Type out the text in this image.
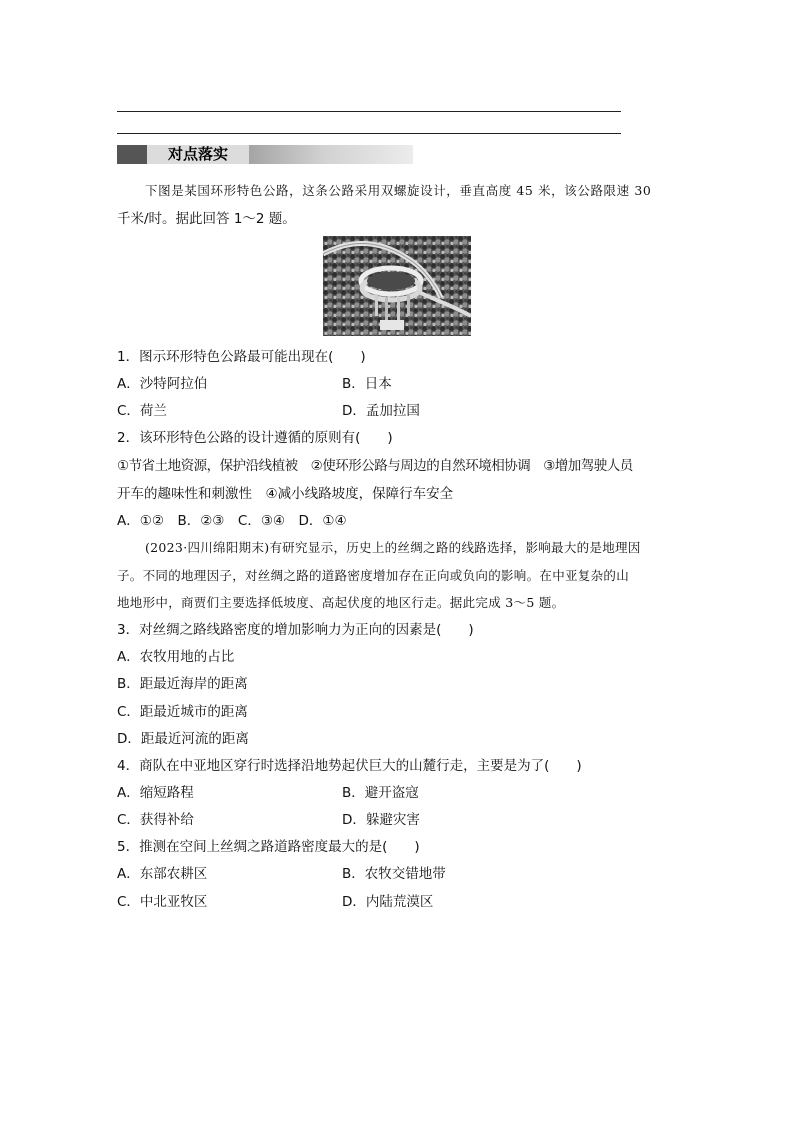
对点落实
下图是某国环形特色公路，这条公路采用双螺旋设计，垂直高度 45 米，该公路限速 30
千米/时。据此回答 1～2 题。
1．图示环形特色公路最可能出现在(　　)
A．沙特阿拉伯	B．日本
C．荷兰	D．孟加拉国
2．该环形特色公路的设计遵循的原则有(　　)
①节省土地资源，保护沿线植被　②使环形公路与周边的自然环境相协调　③增加驾驶人员
开车的趣味性和刺激性　④减小线路坡度，保障行车安全
A．①②　B．②③　C．③④　D．①④
(2023·四川绵阳期末)有研究显示，历史上的丝绸之路的线路选择，影响最大的是地理因
子。不同的地理因子，对丝绸之路的道路密度增加存在正向或负向的影响。在中亚复杂的山
地地形中，商贾们主要选择低坡度、高起伏度的地区行走。据此完成 3～5 题。
3．对丝绸之路线路密度的增加影响力为正向的因素是(　　)
A．农牧用地的占比
B．距最近海岸的距离
C．距最近城市的距离
D．距最近河流的距离
4．商队在中亚地区穿行时选择沿地势起伏巨大的山麓行走，主要是为了(　　)
A．缩短路程	B．避开盗寇
C．获得补给	D．躲避灾害
5．推测在空间上丝绸之路道路密度最大的是(　　)
A．东部农耕区	B．农牧交错地带
C．中北亚牧区	D．内陆荒漠区
